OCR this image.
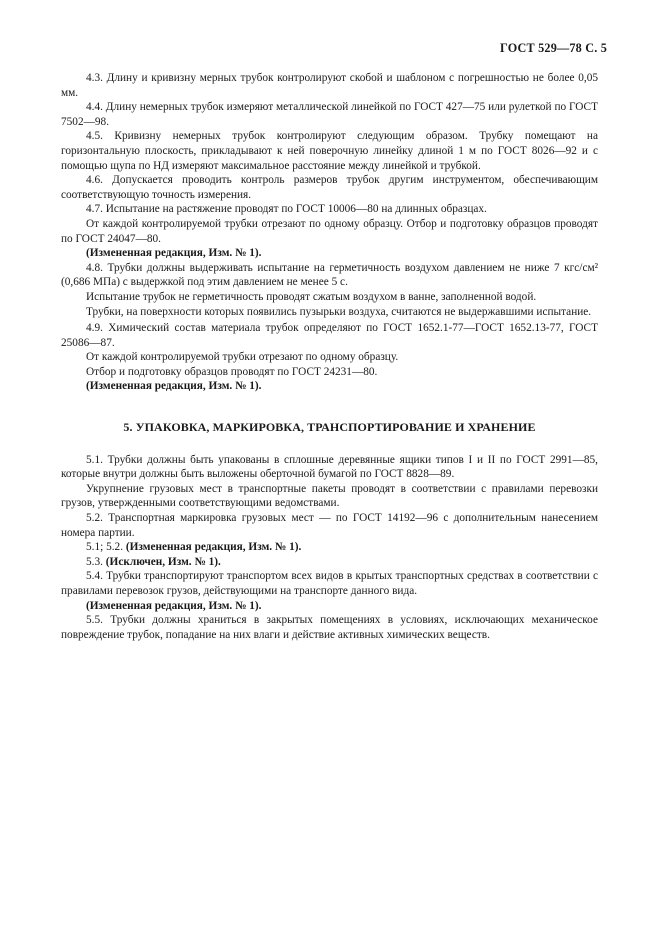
ГОСТ 529—78 С. 5

4.3. Длину и кривизну мерных трубок контролируют скобой и шаблоном с погрешностью не более 0,05 мм.

4.4. Длину немерных трубок измеряют металлической линейкой по ГОСТ 427—75 или рулеткой по ГОСТ 7502—98.

4.5. Кривизну немерных трубок контролируют следующим образом. Трубку помещают на горизонтальную плоскость, прикладывают к ней поверочную линейку длиной 1 м по ГОСТ 8026—92 и с помощью щупа по НД измеряют максимальное расстояние между линейкой и трубкой.

4.6. Допускается проводить контроль размеров трубок другим инструментом, обеспечивающим соответствующую точность измерения.

4.7. Испытание на растяжение проводят по ГОСТ 10006—80 на длинных образцах.

От каждой контролируемой трубки отрезают по одному образцу. Отбор и подготовку образцов проводят по ГОСТ 24047—80.

(Измененная редакция, Изм. № 1).

4.8. Трубки должны выдерживать испытание на герметичность воздухом давлением не ниже 7 кгс/см² (0,686 МПа) с выдержкой под этим давлением не менее 5 с.

Испытание трубок не герметичность проводят сжатым воздухом в ванне, заполненной водой.

Трубки, на поверхности которых появились пузырьки воздуха, считаются не выдержавшими испытание.

4.9. Химический состав материала трубок определяют по ГОСТ 1652.1-77—ГОСТ 1652.13-77, ГОСТ 25086—87.

От каждой контролируемой трубки отрезают по одному образцу.

Отбор и подготовку образцов проводят по ГОСТ 24231—80.

(Измененная редакция, Изм. № 1).

5. УПАКОВКА, МАРКИРОВКА, ТРАНСПОРТИРОВАНИЕ И ХРАНЕНИЕ

5.1. Трубки должны быть упакованы в сплошные деревянные ящики типов I и II по ГОСТ 2991—85, которые внутри должны быть выложены оберточной бумагой по ГОСТ 8828—89.

Укрупнение грузовых мест в транспортные пакеты проводят в соответствии с правилами перевозки грузов, утвержденными соответствующими ведомствами.

5.2. Транспортная маркировка грузовых мест — по ГОСТ 14192—96 с дополнительным нанесением номера партии.

5.1; 5.2. (Измененная редакция, Изм. № 1).

5.3. (Исключен, Изм. № 1).

5.4. Трубки транспортируют транспортом всех видов в крытых транспортных средствах в соответствии с правилами перевозок грузов, действующими на транспорте данного вида.

(Измененная редакция, Изм. № 1).

5.5. Трубки должны храниться в закрытых помещениях в условиях, исключающих механическое повреждение трубок, попадание на них влаги и действие активных химических веществ.
